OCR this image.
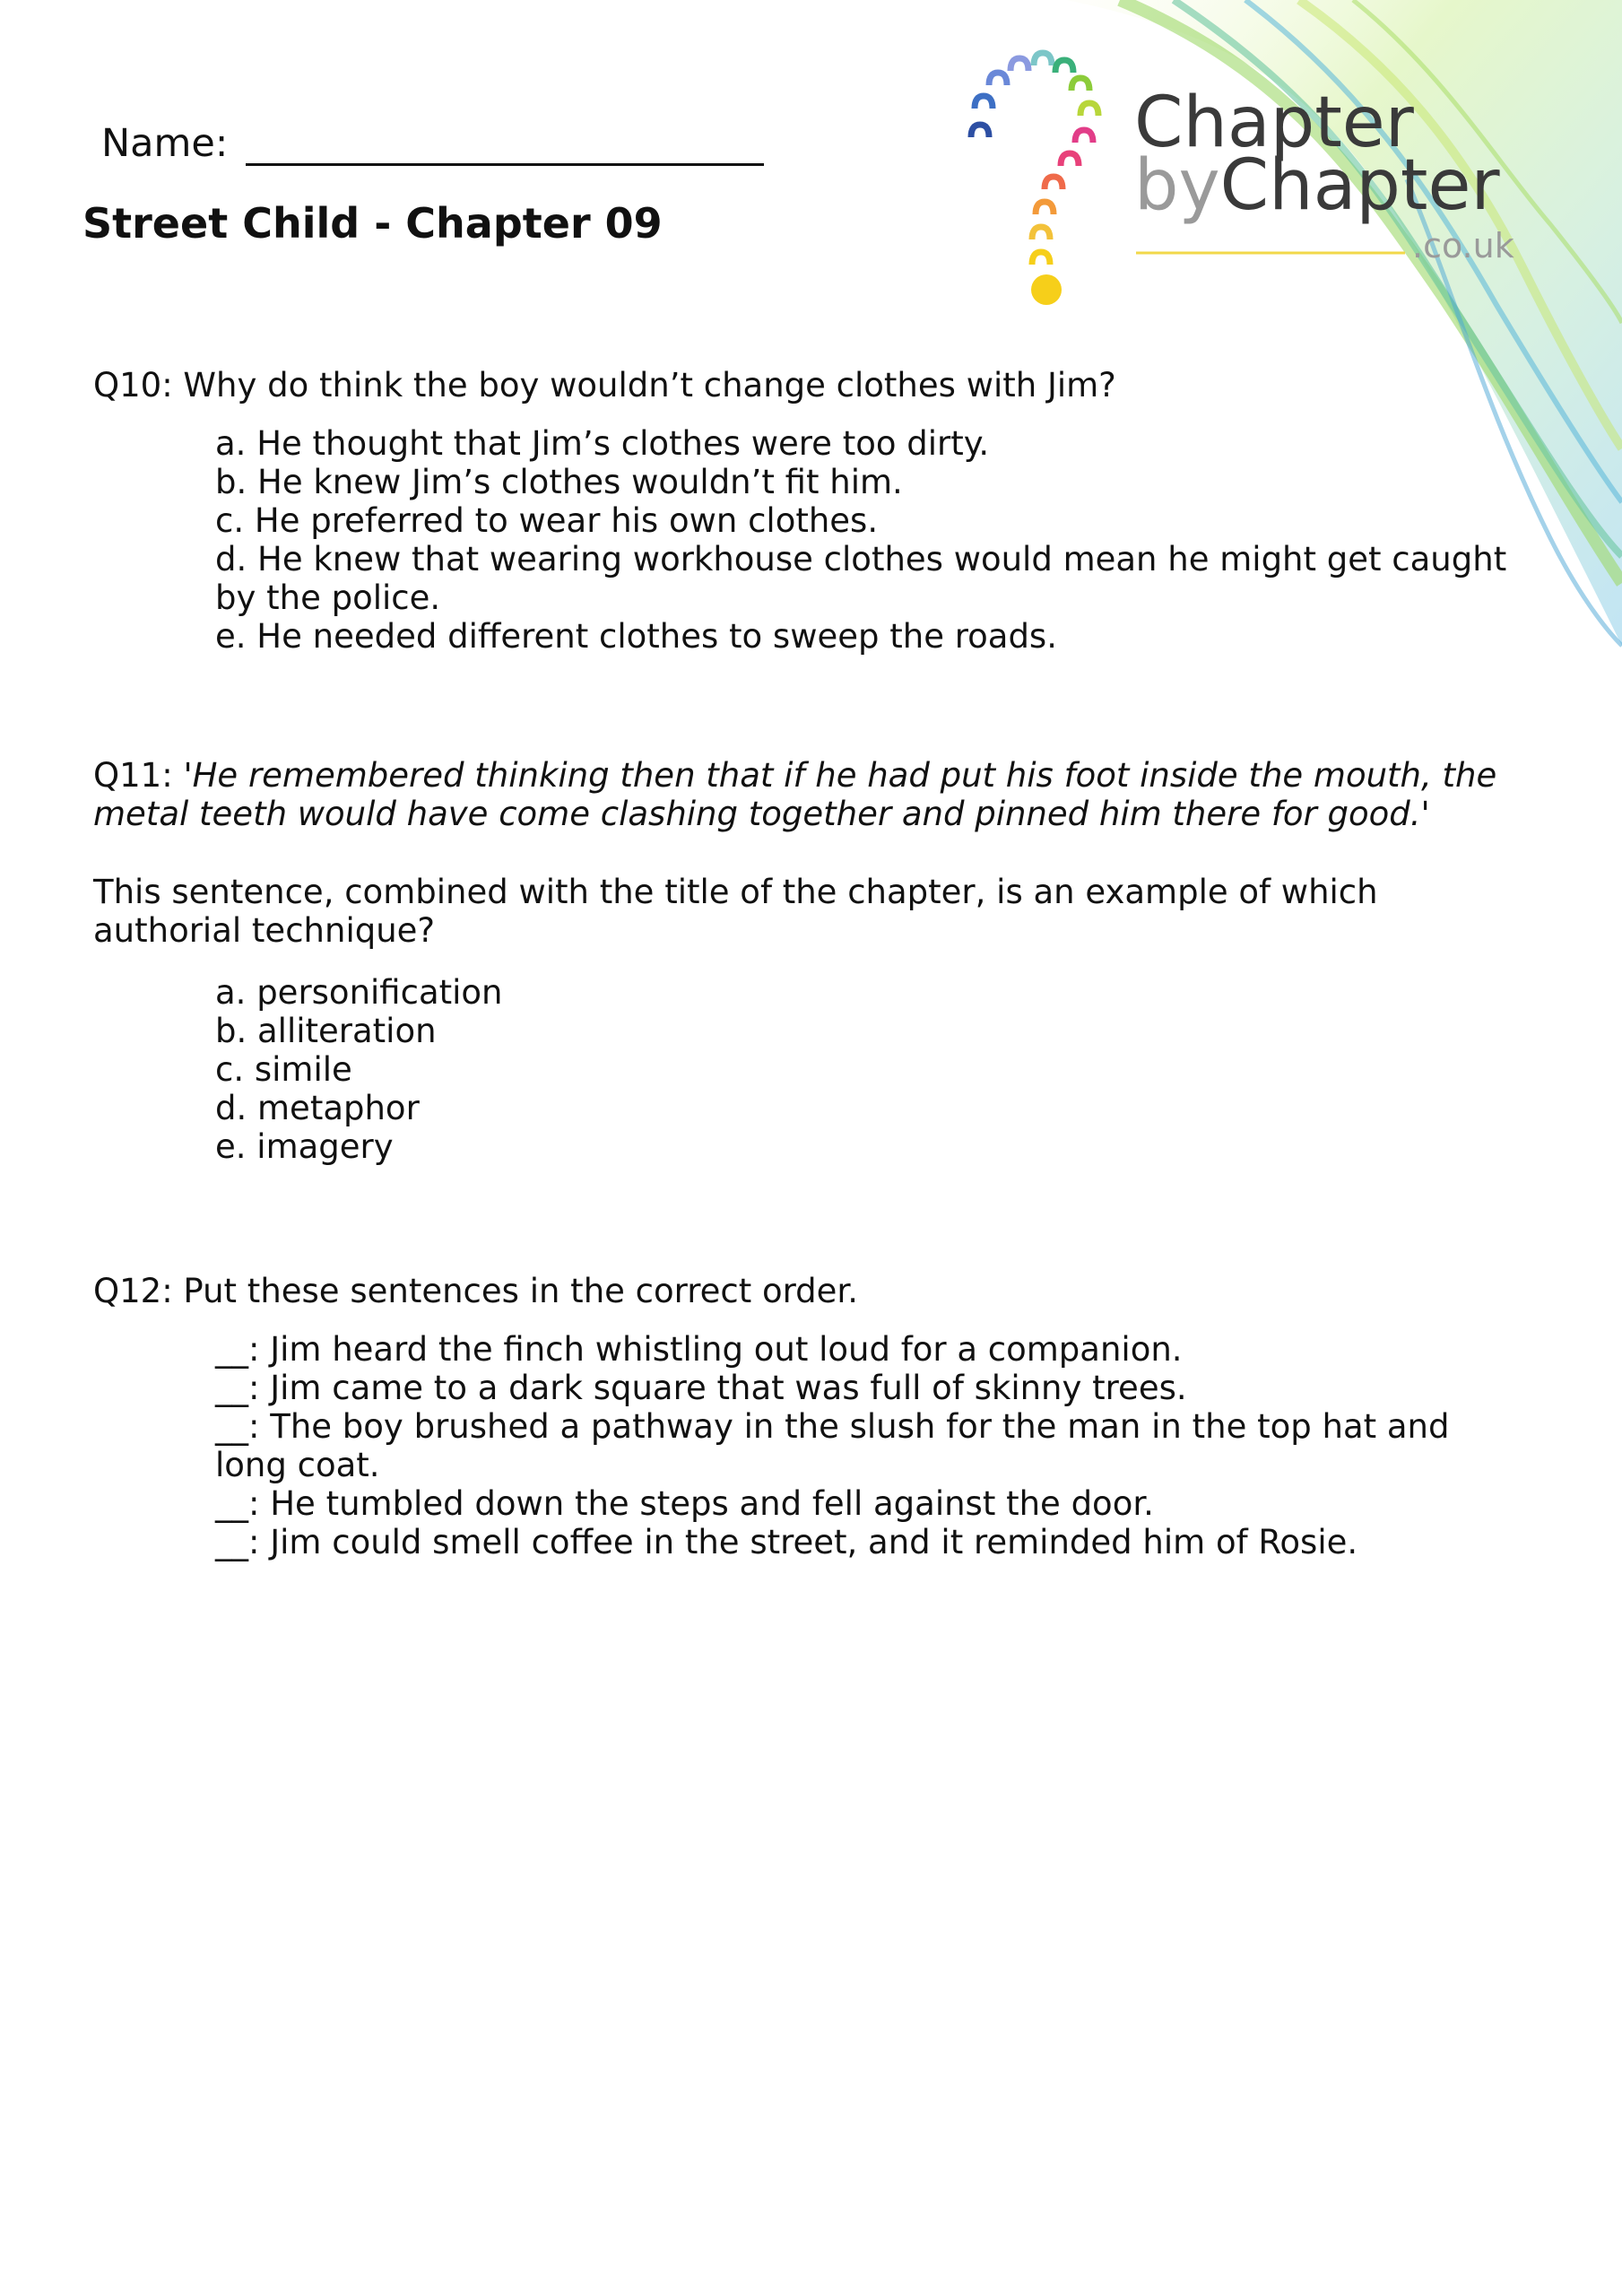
Chapter
byChapter
.co.uk
Name:
Street Child - Chapter 09
Q10: Why do think the boy wouldn’t change clothes with Jim?
a. He thought that Jim’s clothes were too dirty.
b. He knew Jim’s clothes wouldn’t fit him.
c. He preferred to wear his own clothes.
d. He knew that wearing workhouse clothes would mean he might get caught by the police.
e. He needed different clothes to sweep the roads.
Q11: 'He remembered thinking then that if he had put his foot inside the mouth, the metal teeth would have come clashing together and pinned him there for good.'
This sentence, combined with the title of the chapter, is an example of which authorial technique?
a. personification
b. alliteration
c. simile
d. metaphor
e. imagery
Q12: Put these sentences in the correct order.
__: Jim heard the finch whistling out loud for a companion.
__: Jim came to a dark square that was full of skinny trees.
__: The boy brushed a pathway in the slush for the man in the top hat and long coat.
__: He tumbled down the steps and fell against the door.
__: Jim could smell coffee in the street, and it reminded him of Rosie.
